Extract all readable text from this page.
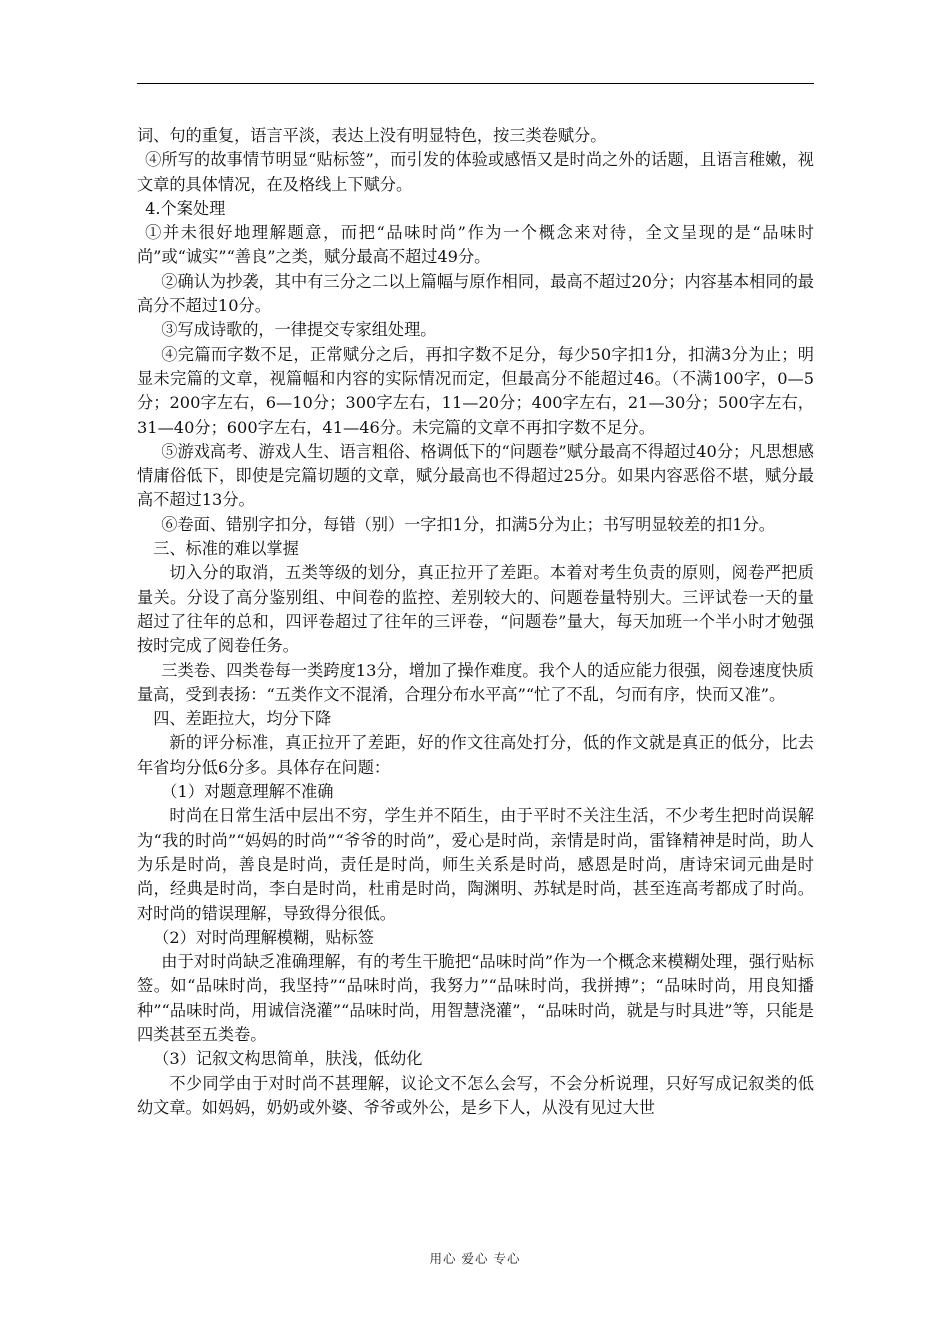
词、句的重复，语言平淡，表达上没有明显特色，按三类卷赋分。

④所写的故事情节明显“贴标签”，而引发的体验或感悟又是时尚之外的话题，且语言稚嫩，视文章的具体情况，在及格线上下赋分。

4.个案处理

①并未很好地理解题意，而把“品味时尚”作为一个概念来对待，全文呈现的是“品味时尚”或“诚实”“善良”之类，赋分最高不超过49分。

②确认为抄袭，其中有三分之二以上篇幅与原作相同，最高不超过20分；内容基本相同的最高分不超过10分。

③写成诗歌的，一律提交专家组处理。

④完篇而字数不足，正常赋分之后，再扣字数不足分，每少50字扣1分，扣满3分为止；明显未完篇的文章，视篇幅和内容的实际情况而定，但最高分不能超过46。（不满100字，0—5分；200字左右，6—10分；300字左右，11—20分；400字左右，21—30分；500字左右，31—40分；600字左右，41—46分。未完篇的文章不再扣字数不足分。

⑤游戏高考、游戏人生、语言粗俗、格调低下的“问题卷”赋分最高不得超过40分；凡思想感情庸俗低下，即使是完篇切题的文章，赋分最高也不得超过25分。如果内容恶俗不堪，赋分最高不超过13分。

⑥卷面、错别字扣分，每错（别）一字扣1分，扣满5分为止；书写明显较差的扣1分。

三、标准的难以掌握

切入分的取消，五类等级的划分，真正拉开了差距。本着对考生负责的原则，阅卷严把质量关。分设了高分鉴别组、中间卷的监控、差别较大的、问题卷量特别大。三评试卷一天的量超过了往年的总和，四评卷超过了往年的三评卷，“问题卷”量大，每天加班一个半小时才勉强按时完成了阅卷任务。

三类卷、四类卷每一类跨度13分，增加了操作难度。我个人的适应能力很强，阅卷速度快质量高，受到表扬：“五类作文不混淆，合理分布水平高”“忙了不乱，匀而有序，快而又准”。

四、差距拉大，均分下降

新的评分标准，真正拉开了差距，好的作文往高处打分，低的作文就是真正的低分，比去年省均分低6分多。具体存在问题：

（1）对题意理解不准确

时尚在日常生活中层出不穷，学生并不陌生，由于平时不关注生活，不少考生把时尚误解为“我的时尚”“妈妈的时尚”“爷爷的时尚”，爱心是时尚，亲情是时尚，雷锋精神是时尚，助人为乐是时尚，善良是时尚，责任是时尚，师生关系是时尚，感恩是时尚，唐诗宋词元曲是时尚，经典是时尚，李白是时尚，杜甫是时尚，陶渊明、苏轼是时尚，甚至连高考都成了时尚。对时尚的错误理解，导致得分很低。

（2）对时尚理解模糊，贴标签

由于对时尚缺乏准确理解，有的考生干脆把“品味时尚”作为一个概念来模糊处理，强行贴标签。如“品味时尚，我坚持”“品味时尚，我努力”“品味时尚，我拼搏”；“品味时尚，用良知播种”“品味时尚，用诚信浇灌”“品味时尚，用智慧浇灌”，“品味时尚，就是与时具进”等，只能是四类甚至五类卷。

（3）记叙文构思简单，肤浅，低幼化

不少同学由于对时尚不甚理解，议论文不怎么会写，不会分析说理，只好写成记叙类的低幼文章。如妈妈，奶奶或外婆、爷爷或外公，是乡下人，从没有见过大世

用心 爱心 专心
